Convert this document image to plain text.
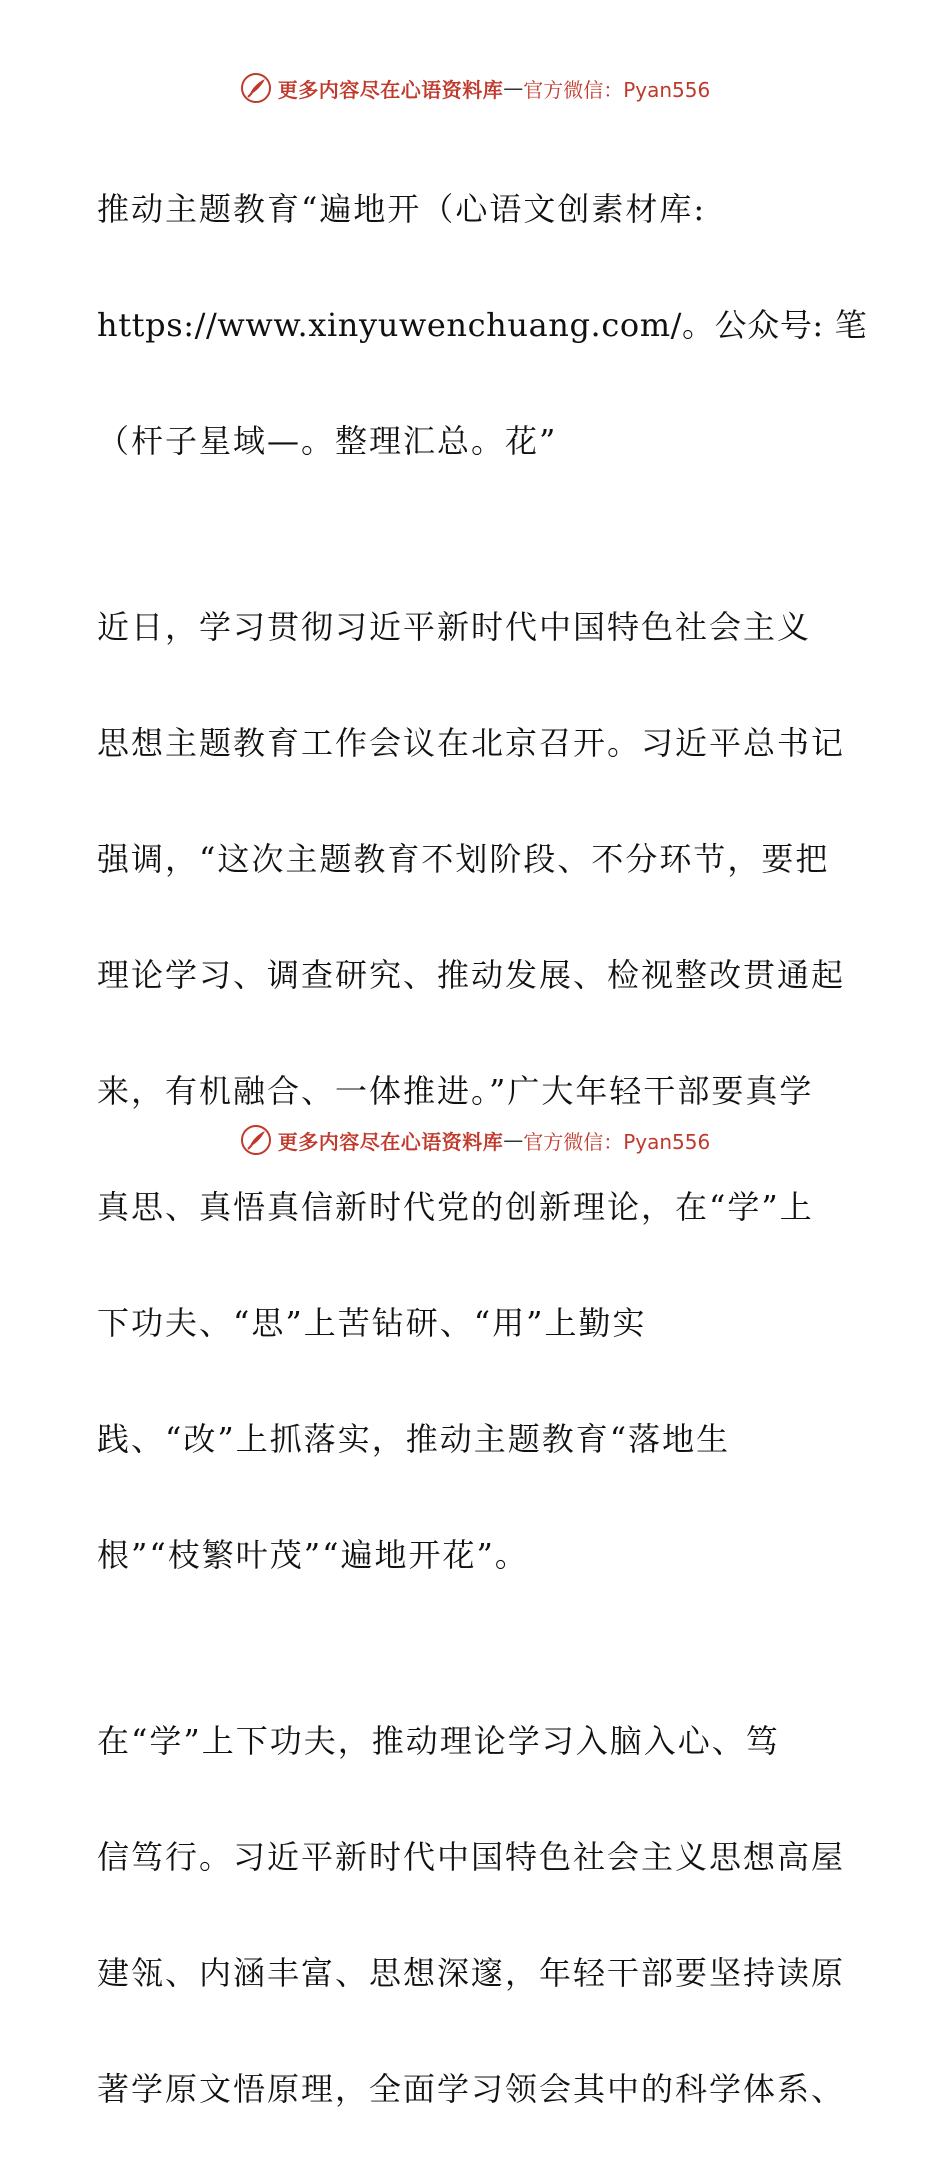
更多内容尽在心语资料库 — 官方微信：Pyan556

推动主题教育“遍地开（心语文创素材库:

https://www.xinyuwenchuang.com/。公众号: 笔

（杆子星域—。整理汇总。花”

近日，学习贯彻习近平新时代中国特色社会主义

思想主题教育工作会议在北京召开。习近平总书记

强调，“这次主题教育不划阶段、不分环节，要把

理论学习、调查研究、推动发展、检视整改贯通起

来，有机融合、一体推进。”广大年轻干部要真学

真思、真悟真信新时代党的创新理论，在“学”上

下功夫、“思”上苦钻研、“用”上勤实

践、“改”上抓落实，推动主题教育“落地生

根”“枝繁叶茂”“遍地开花”。

在“学”上下功夫，推动理论学习入脑入心、笃

信笃行。习近平新时代中国特色社会主义思想高屋

建瓴、内涵丰富、思想深邃，年轻干部要坚持读原

著学原文悟原理，全面学习领会其中的科学体系、

更多内容尽在心语资料库 — 官方微信：Pyan556
